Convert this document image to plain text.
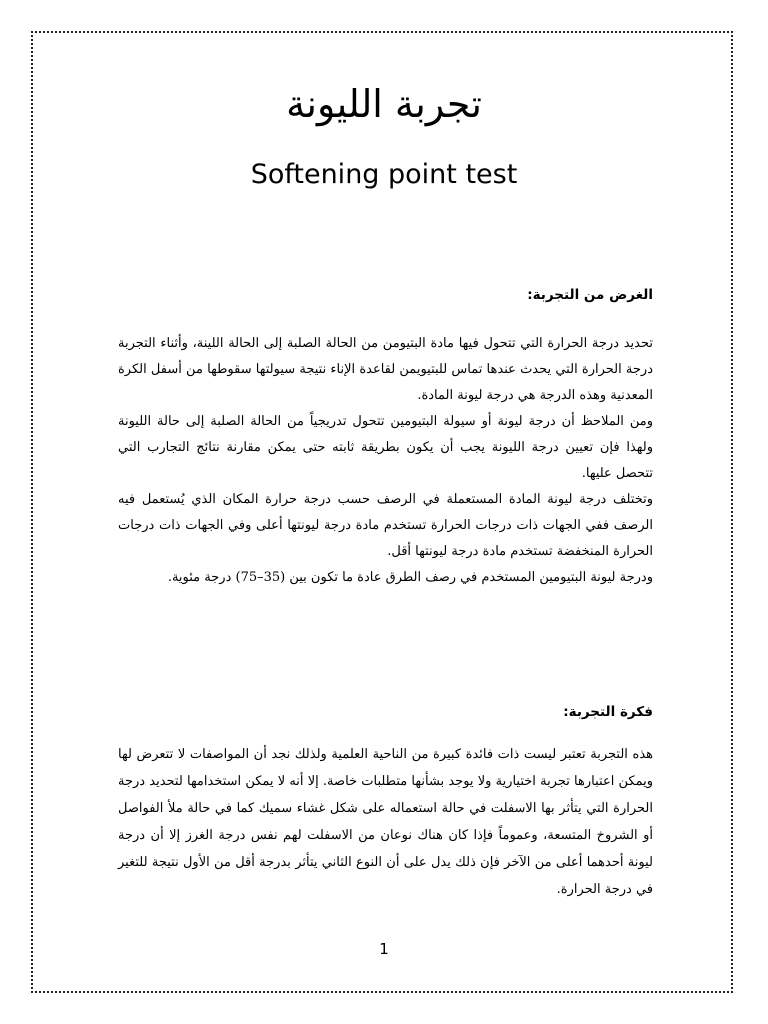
تجربة الليونة
Softening point test
الغرض من التجربة:

تحديد درجة الحرارة التي تتحول فيها مادة البتيومن من الحالة الصلبة إلى الحالة اللينة، وأثناء التجربة درجة الحرارة التي يحدث عندها تماس للبتيويمن لقاعدة الإناء نتيجة سيولتها سقوطها من أسفل الكرة المعدنية وهذه الدرجة هي درجة ليونة المادة.

ومن الملاحظ أن درجة ليونة أو سيولة البتيومين تتحول تدريجياً من الحالة الصلبة إلى حالة الليونة ولهذا فإن تعيين درجة الليونة يجب أن يكون بطريقة ثابته حتى يمكن مقارنة نتائج التجارب التي تتحصل عليها.

وتختلف درجة ليونة المادة المستعملة في الرصف حسب درجة حرارة المكان الذي يُستعمل فيه الرصف ففي الجهات ذات درجات الحرارة تستخدم مادة درجة ليونتها أعلى وفي الجهات ذات درجات الحرارة المنخفضة تستخدم مادة درجة ليونتها أقل.

ودرجة ليونة البتيومين المستخدم في رصف الطرق عادة ما تكون بين (35–75) درجة مئوية.

فكرة التجربة:

هذه التجربة تعتبر ليست ذات فائدة كبيرة من الناحية العلمية ولذلك نجد أن المواصفات لا تتعرض لها ويمكن اعتبارها تجربة اختيارية ولا يوجد بشأنها متطلبات خاصة. إلا أنه لا يمكن استخدامها لتحديد درجة الحرارة التي يتأثر بها الاسفلت في حالة استعماله على شكل غشاء سميك كما في حالة ملأ الفواصل أو الشروخ المتسعة، وعموماً فإذا كان هناك نوعان من الاسفلت لهم نفس درجة الغرز إلا أن درجة ليونة أحدهما أعلى من الآخر فإن ذلك يدل على أن النوع الثاني يتأثر بدرجة أقل من الأول نتيجة للتغير في درجة الحرارة.

1
